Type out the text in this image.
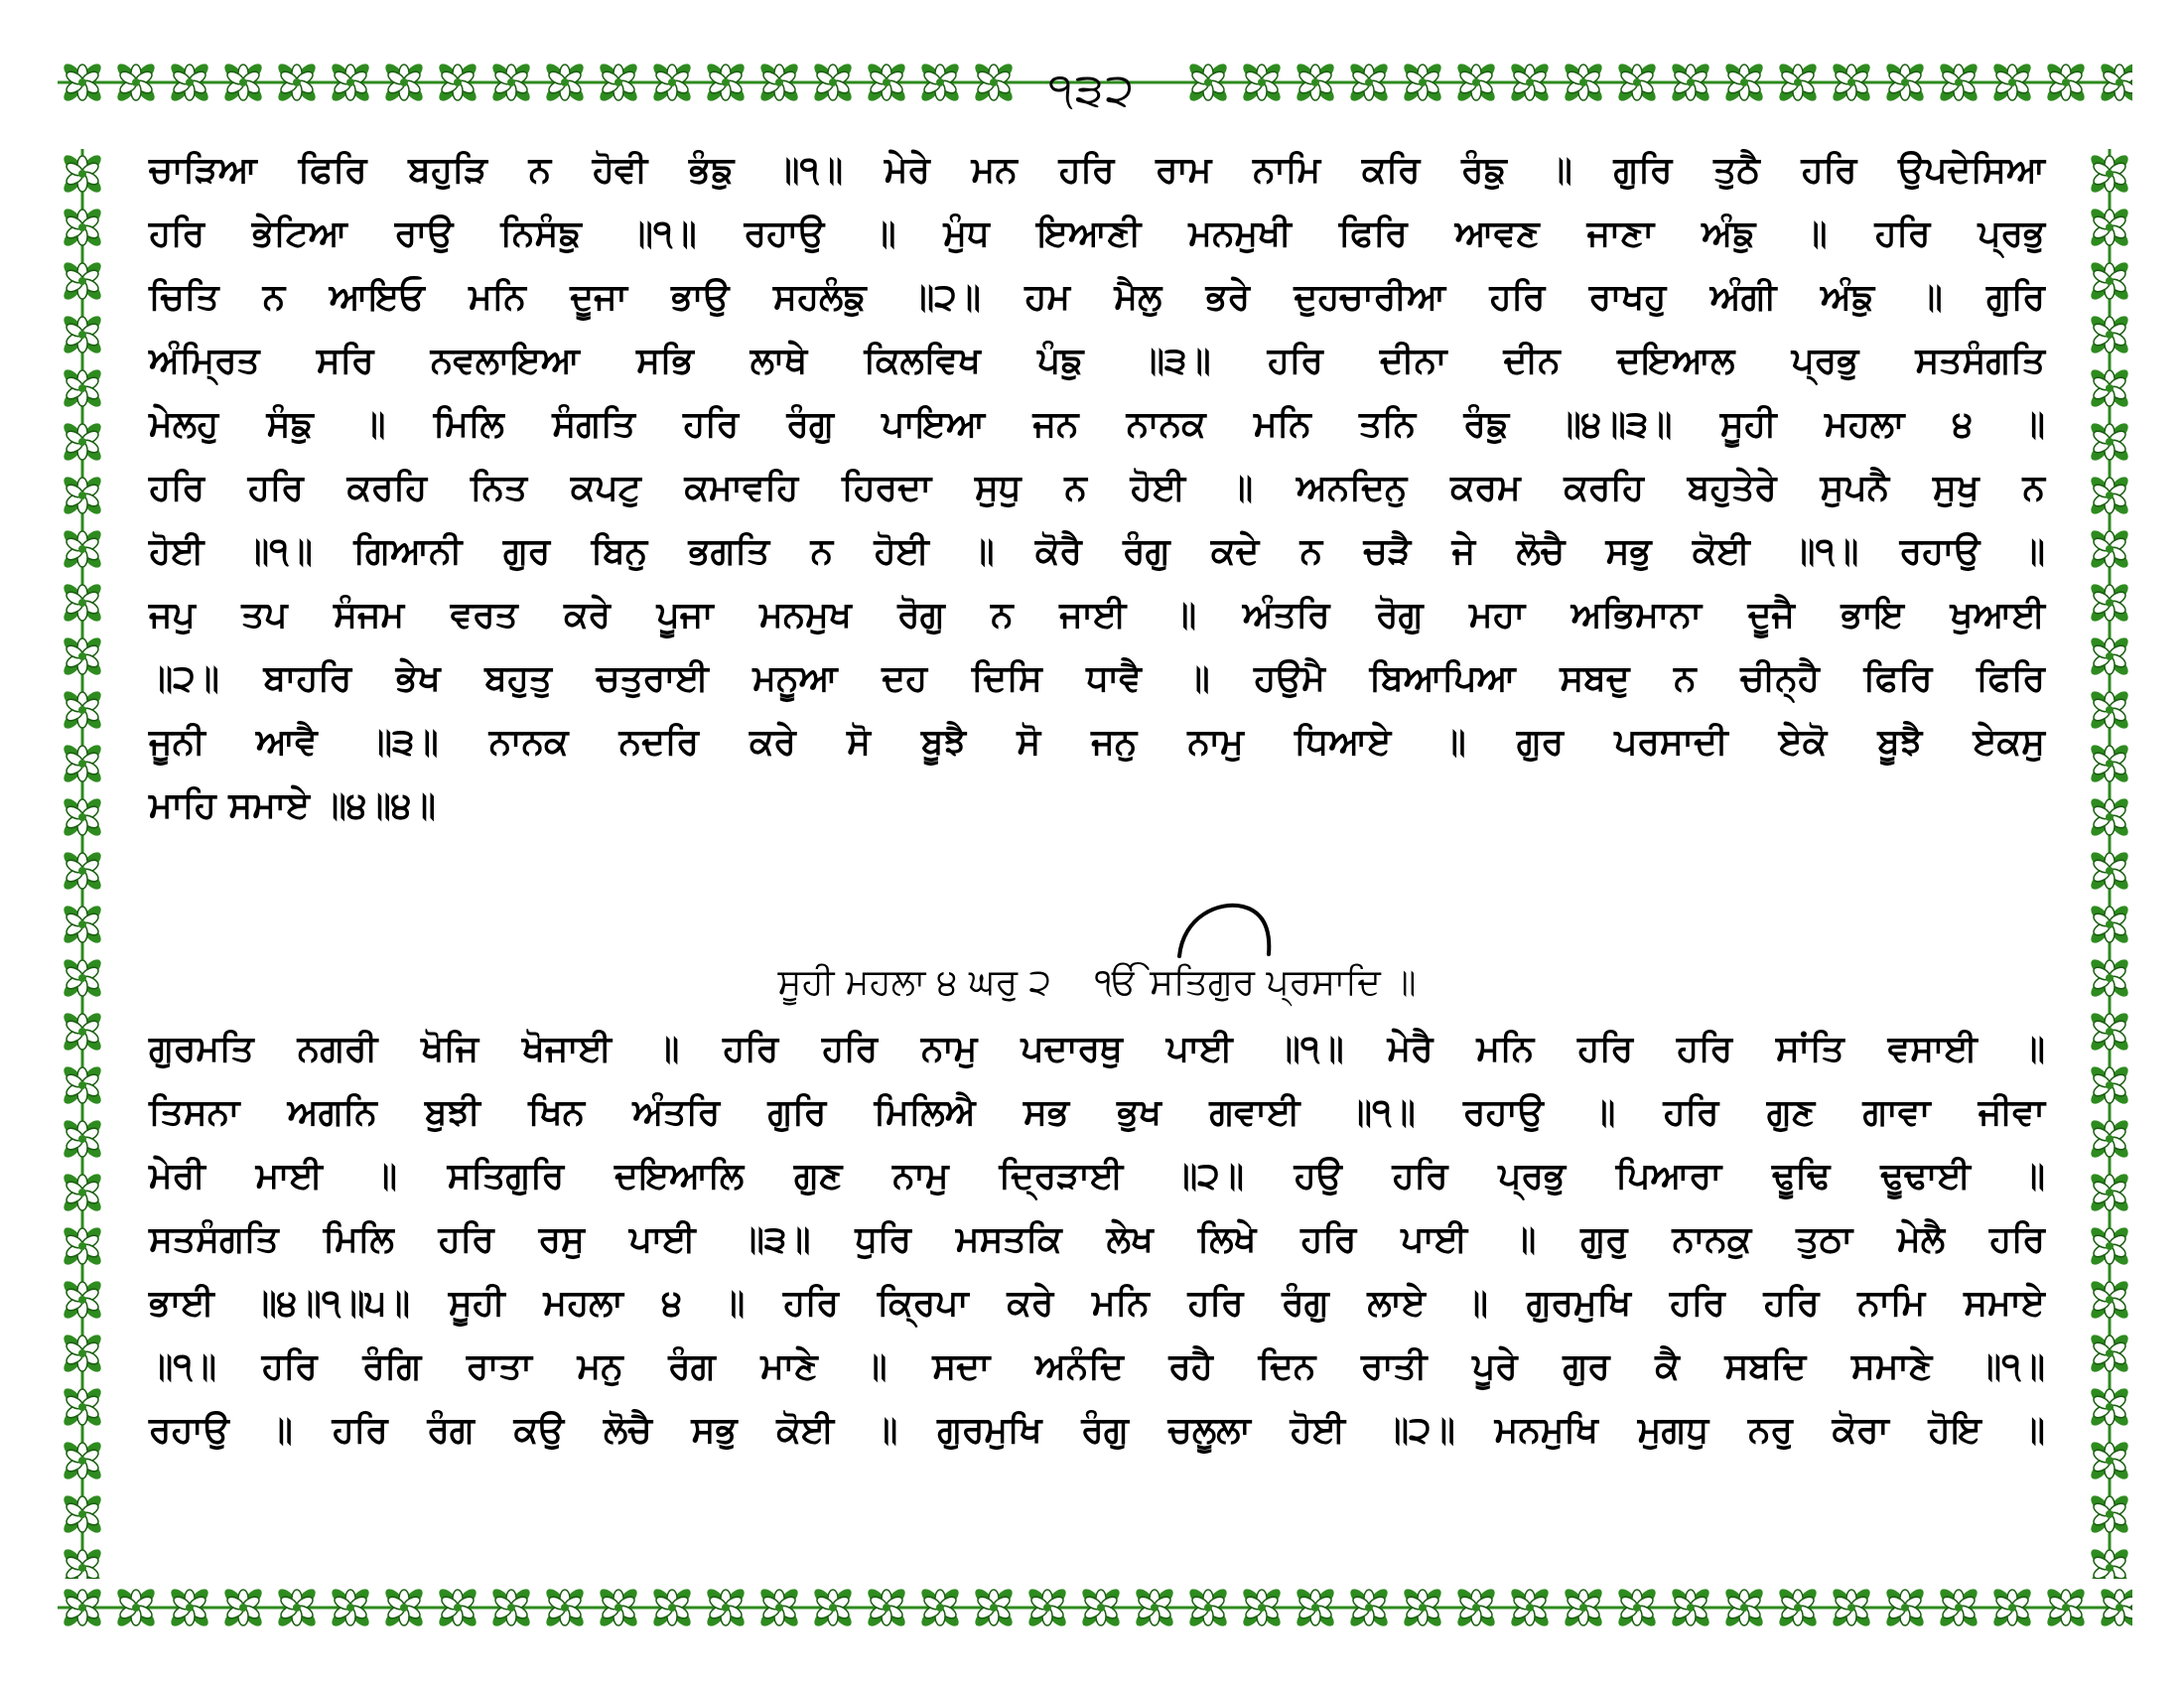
੧੩੨
ਚਾੜਿਆ ਫਿਰਿ ਬਹੁੜਿ ਨ ਹੋਵੀ ਭੰਙੁ ॥੧॥ ਮੇਰੇ ਮਨ ਹਰਿ ਰਾਮ ਨਾਮਿ ਕਰਿ ਰੰਙੁ ॥ ਗੁਰਿ ਤੁਠੈ ਹਰਿ ਉਪਦੇਸਿਆ
ਹਰਿ ਭੇਟਿਆ ਰਾਉ ਨਿਸੰਙੁ ॥੧॥ ਰਹਾਉ ॥ ਮੁੰਧ ਇਆਣੀ ਮਨਮੁਖੀ ਫਿਰਿ ਆਵਣ ਜਾਣਾ ਅੰਙੁ ॥ ਹਰਿ ਪ੍ਰਭੁ
ਚਿਤਿ ਨ ਆਇਓ ਮਨਿ ਦੂਜਾ ਭਾਉ ਸਹਲੰਙੁ ॥੨॥ ਹਮ ਮੈਲੁ ਭਰੇ ਦੁਹਚਾਰੀਆ ਹਰਿ ਰਾਖਹੁ ਅੰਗੀ ਅੰਙੁ ॥ ਗੁਰਿ
ਅੰਮ੍ਰਿਤ ਸਰਿ ਨਵਲਾਇਆ ਸਭਿ ਲਾਥੇ ਕਿਲਵਿਖ ਪੰਙੁ ॥੩॥ ਹਰਿ ਦੀਨਾ ਦੀਨ ਦਇਆਲ ਪ੍ਰਭੁ ਸਤਸੰਗਤਿ
ਮੇਲਹੁ ਸੰਙੁ ॥ ਮਿਲਿ ਸੰਗਤਿ ਹਰਿ ਰੰਗੁ ਪਾਇਆ ਜਨ ਨਾਨਕ ਮਨਿ ਤਨਿ ਰੰਙੁ ॥੪॥੩॥ ਸੂਹੀ ਮਹਲਾ ੪ ॥
ਹਰਿ ਹਰਿ ਕਰਹਿ ਨਿਤ ਕਪਟੁ ਕਮਾਵਹਿ ਹਿਰਦਾ ਸੁਧੁ ਨ ਹੋਈ ॥ ਅਨਦਿਨੁ ਕਰਮ ਕਰਹਿ ਬਹੁਤੇਰੇ ਸੁਪਨੈ ਸੁਖੁ ਨ
ਹੋਈ ॥੧॥ ਗਿਆਨੀ ਗੁਰ ਬਿਨੁ ਭਗਤਿ ਨ ਹੋਈ ॥ ਕੋਰੈ ਰੰਗੁ ਕਦੇ ਨ ਚੜੈ ਜੇ ਲੋਚੈ ਸਭੁ ਕੋਈ ॥੧॥ ਰਹਾਉ ॥
ਜਪੁ ਤਪ ਸੰਜਮ ਵਰਤ ਕਰੇ ਪੂਜਾ ਮਨਮੁਖ ਰੋਗੁ ਨ ਜਾਈ ॥ ਅੰਤਰਿ ਰੋਗੁ ਮਹਾ ਅਭਿਮਾਨਾ ਦੂਜੈ ਭਾਇ ਖੁਆਈ
॥੨॥ ਬਾਹਰਿ ਭੇਖ ਬਹੁਤੁ ਚਤੁਰਾਈ ਮਨੂਆ ਦਹ ਦਿਸਿ ਧਾਵੈ ॥ ਹਉਮੈ ਬਿਆਪਿਆ ਸਬਦੁ ਨ ਚੀਨ੍ਹੈ ਫਿਰਿ ਫਿਰਿ
ਜੂਨੀ ਆਵੈ ॥੩॥ ਨਾਨਕ ਨਦਰਿ ਕਰੇ ਸੋ ਬੂਝੈ ਸੋ ਜਨੁ ਨਾਮੁ ਧਿਆਏ ॥ ਗੁਰ ਪਰਸਾਦੀ ਏਕੋ ਬੂਝੈ ਏਕਸੁ
ਮਾਹਿ ਸਮਾਏ ॥੪॥੪॥
ਸੂਹੀ ਮਹਲਾ ੪ ਘਰੁ ੨ ੴ ਸਤਿਗੁਰ ਪ੍ਰਸਾਦਿ ॥
ਗੁਰਮਤਿ ਨਗਰੀ ਖੋਜਿ ਖੋਜਾਈ ॥ ਹਰਿ ਹਰਿ ਨਾਮੁ ਪਦਾਰਥੁ ਪਾਈ ॥੧॥ ਮੇਰੈ ਮਨਿ ਹਰਿ ਹਰਿ ਸਾਂਤਿ ਵਸਾਈ ॥
ਤਿਸਨਾ ਅਗਨਿ ਬੁਝੀ ਖਿਨ ਅੰਤਰਿ ਗੁਰਿ ਮਿਲਿਐ ਸਭ ਭੁਖ ਗਵਾਈ ॥੧॥ ਰਹਾਉ ॥ ਹਰਿ ਗੁਣ ਗਾਵਾ ਜੀਵਾ
ਮੇਰੀ ਮਾਈ ॥ ਸਤਿਗੁਰਿ ਦਇਆਲਿ ਗੁਣ ਨਾਮੁ ਦ੍ਰਿੜਾਈ ॥੨॥ ਹਉ ਹਰਿ ਪ੍ਰਭੁ ਪਿਆਰਾ ਢੂਢਿ ਢੂਢਾਈ ॥
ਸਤਸੰਗਤਿ ਮਿਲਿ ਹਰਿ ਰਸੁ ਪਾਈ ॥੩॥ ਧੁਰਿ ਮਸਤਕਿ ਲੇਖ ਲਿਖੇ ਹਰਿ ਪਾਈ ॥ ਗੁਰੁ ਨਾਨਕੁ ਤੁਠਾ ਮੇਲੈ ਹਰਿ
ਭਾਈ ॥੪॥੧॥੫॥ ਸੂਹੀ ਮਹਲਾ ੪ ॥ ਹਰਿ ਕ੍ਰਿਪਾ ਕਰੇ ਮਨਿ ਹਰਿ ਰੰਗੁ ਲਾਏ ॥ ਗੁਰਮੁਖਿ ਹਰਿ ਹਰਿ ਨਾਮਿ ਸਮਾਏ
॥੧॥ ਹਰਿ ਰੰਗਿ ਰਾਤਾ ਮਨੁ ਰੰਗ ਮਾਣੇ ॥ ਸਦਾ ਅਨੰਦਿ ਰਹੈ ਦਿਨ ਰਾਤੀ ਪੂਰੇ ਗੁਰ ਕੈ ਸਬਦਿ ਸਮਾਣੇ ॥੧॥
ਰਹਾਉ ॥ ਹਰਿ ਰੰਗ ਕਉ ਲੋਚੈ ਸਭੁ ਕੋਈ ॥ ਗੁਰਮੁਖਿ ਰੰਗੁ ਚਲੂਲਾ ਹੋਈ ॥੨॥ ਮਨਮੁਖਿ ਮੁਗਧੁ ਨਰੁ ਕੋਰਾ ਹੋਇ ॥
